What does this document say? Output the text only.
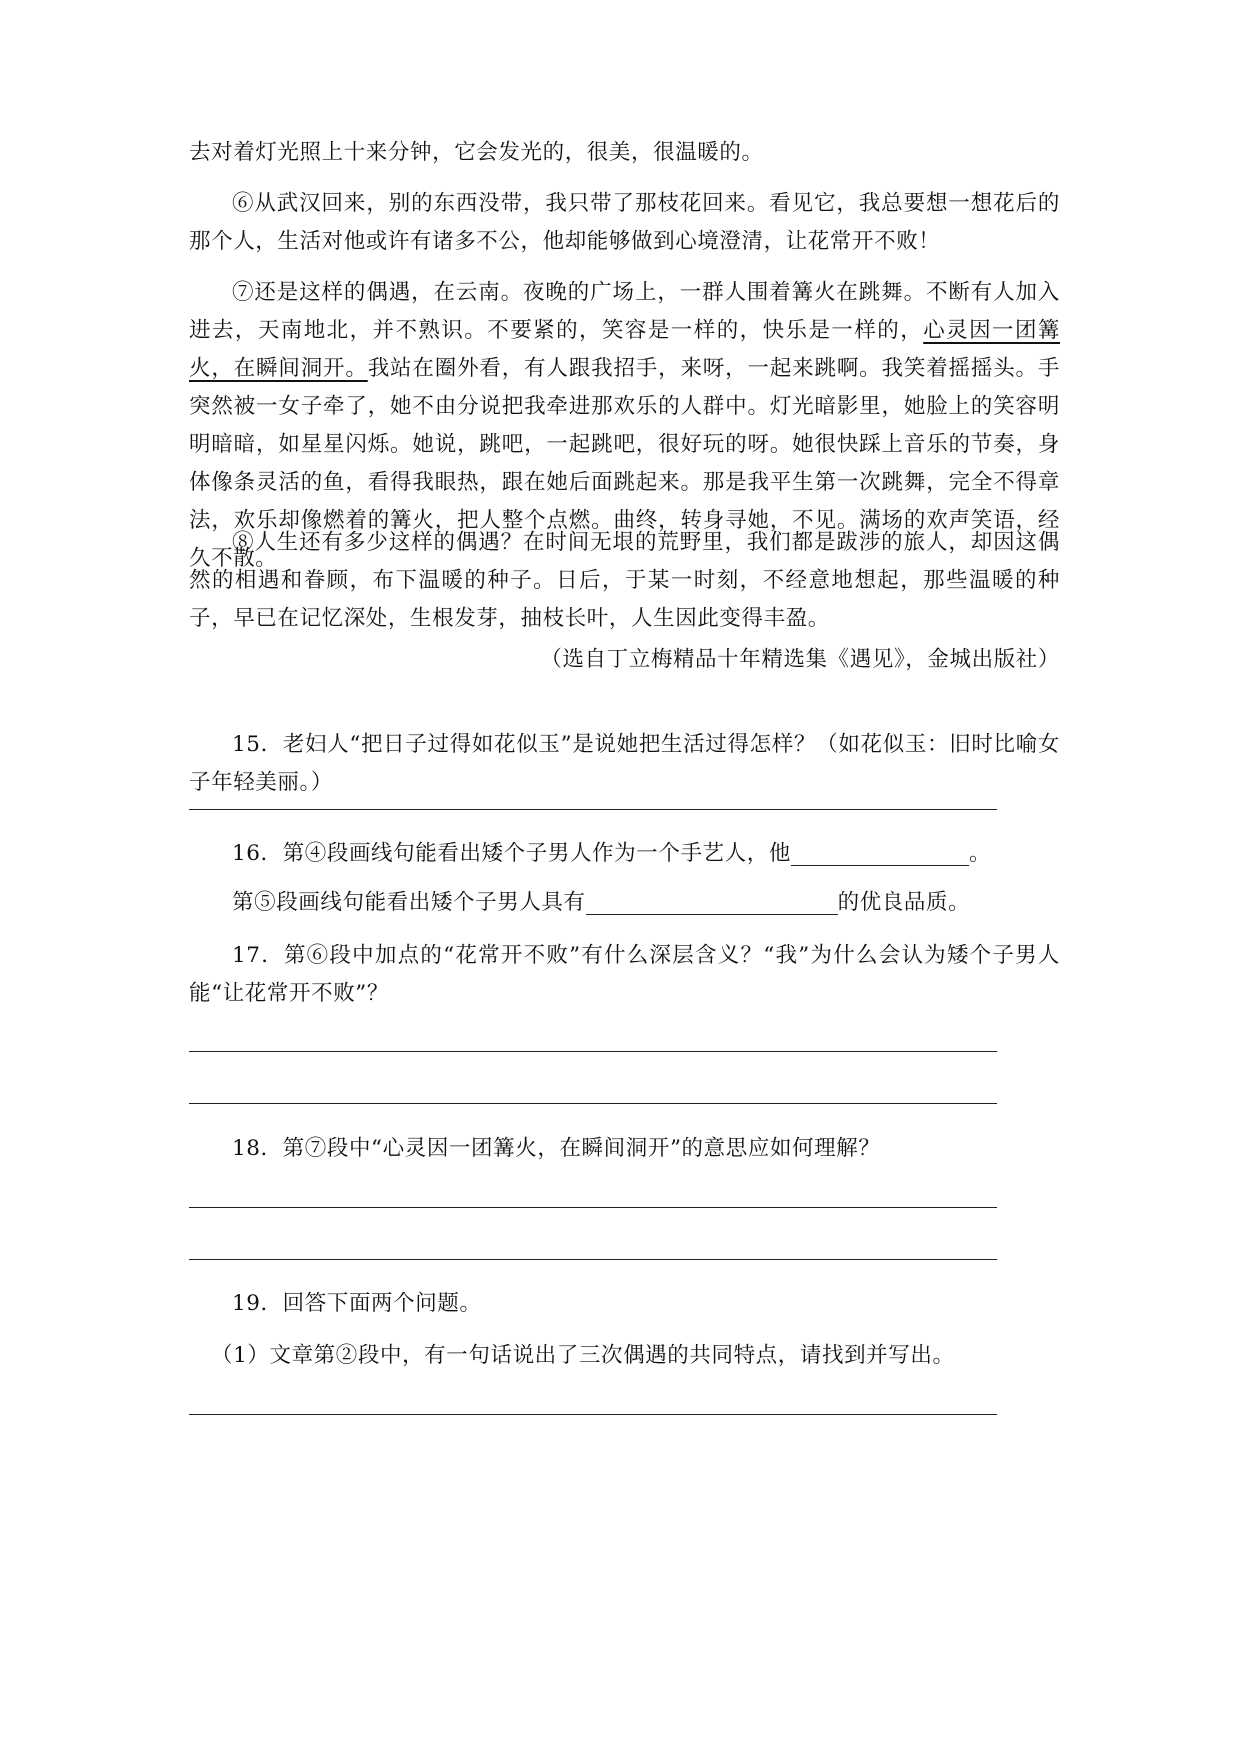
去对着灯光照上十来分钟，它会发光的，很美，很温暖的。

⑥从武汉回来，别的东西没带，我只带了那枝花回来。看见它，我总要想一想花后的那个人，生活对他或许有诸多不公，他却能够做到心境澄清，让花常开不败！

⑦还是这样的偶遇，在云南。夜晚的广场上，一群人围着篝火在跳舞。不断有人加入进去，天南地北，并不熟识。不要紧的，笑容是一样的，快乐是一样的，心灵因一团篝火，在瞬间洞开。我站在圈外看，有人跟我招手，来呀，一起来跳啊。我笑着摇摇头。手突然被一女子牵了，她不由分说把我牵进那欢乐的人群中。灯光暗影里，她脸上的笑容明明暗暗，如星星闪烁。她说，跳吧，一起跳吧，很好玩的呀。她很快踩上音乐的节奏，身体像条灵活的鱼，看得我眼热，跟在她后面跳起来。那是我平生第一次跳舞，完全不得章法，欢乐却像燃着的篝火，把人整个点燃。曲终，转身寻她，不见。满场的欢声笑语，经久不散。

⑧人生还有多少这样的偶遇？在时间无垠的荒野里，我们都是跋涉的旅人，却因这偶然的相遇和眷顾，布下温暖的种子。日后，于某一时刻，不经意地想起，那些温暖的种子，早已在记忆深处，生根发芽，抽枝长叶，人生因此变得丰盈。

（选自丁立梅精品十年精选集《遇见》，金城出版社）

15．老妇人“把日子过得如花似玉”是说她把生活过得怎样？（如花似玉：旧时比喻女子年轻美丽。）

16．第④段画线句能看出矮个子男人作为一个手艺人，他	。

第⑤段画线句能看出矮个子男人具有	的优良品质。

17．第⑥段中加点的“花常开不败”有什么深层含义？“我”为什么会认为矮个子男人能“让花常开不败”？

18．第⑦段中“心灵因一团篝火，在瞬间洞开”的意思应如何理解？

19．回答下面两个问题。

（1）文章第②段中，有一句话说出了三次偶遇的共同特点，请找到并写出。
